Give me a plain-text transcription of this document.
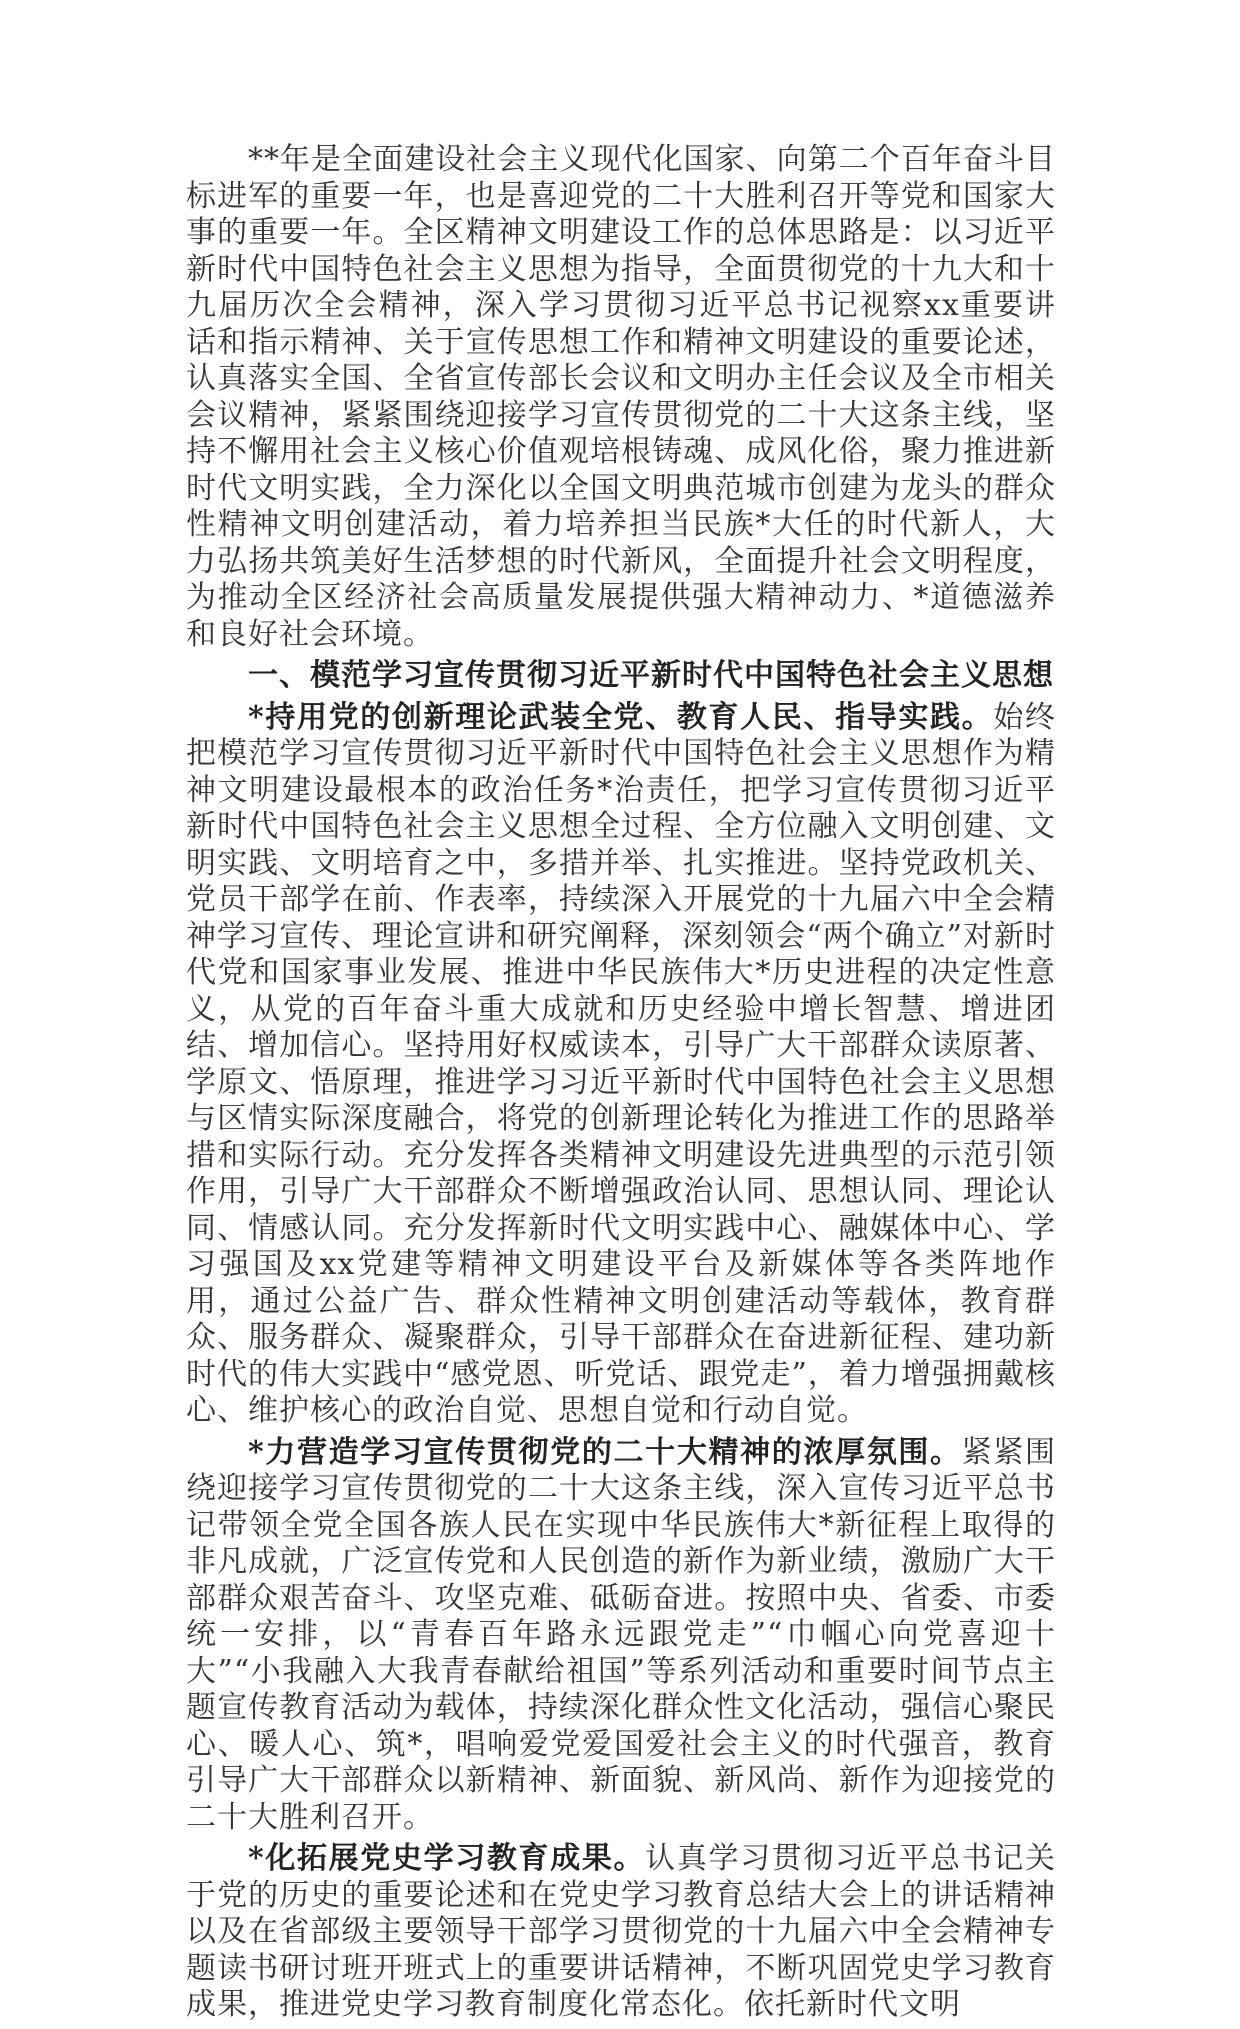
**年是全面建设社会主义现代化国家、向第二个百年奋斗目标进军的重要一年，也是喜迎党的二十大胜利召开等党和国家大事的重要一年。全区精神文明建设工作的总体思路是：以习近平新时代中国特色社会主义思想为指导，全面贯彻党的十九大和十九届历次全会精神，深入学习贯彻习近平总书记视察xx重要讲话和指示精神、关于宣传思想工作和精神文明建设的重要论述，认真落实全国、全省宣传部长会议和文明办主任会议及全市相关会议精神，紧紧围绕迎接学习宣传贯彻党的二十大这条主线，坚持不懈用社会主义核心价值观培根铸魂、成风化俗，聚力推进新时代文明实践，全力深化以全国文明典范城市创建为龙头的群众性精神文明创建活动，着力培养担当民族*大任的时代新人，大力弘扬共筑美好生活梦想的时代新风，全面提升社会文明程度，为推动全区经济社会高质量发展提供强大精神动力、*道德滋养和良好社会环境。

一、模范学习宣传贯彻习近平新时代中国特色社会主义思想

*持用党的创新理论武装全党、教育人民、指导实践。始终把模范学习宣传贯彻习近平新时代中国特色社会主义思想作为精神文明建设最根本的政治任务*治责任，把学习宣传贯彻习近平新时代中国特色社会主义思想全过程、全方位融入文明创建、文明实践、文明培育之中，多措并举、扎实推进。坚持党政机关、党员干部学在前、作表率，持续深入开展党的十九届六中全会精神学习宣传、理论宣讲和研究阐释，深刻领会“两个确立”对新时代党和国家事业发展、推进中华民族伟大*历史进程的决定性意义，从党的百年奋斗重大成就和历史经验中增长智慧、增进团结、增加信心。坚持用好权威读本，引导广大干部群众读原著、学原文、悟原理，推进学习习近平新时代中国特色社会主义思想与区情实际深度融合，将党的创新理论转化为推进工作的思路举措和实际行动。充分发挥各类精神文明建设先进典型的示范引领作用，引导广大干部群众不断增强政治认同、思想认同、理论认同、情感认同。充分发挥新时代文明实践中心、融媒体中心、学习强国及xx党建等精神文明建设平台及新媒体等各类阵地作用，通过公益广告、群众性精神文明创建活动等载体，教育群众、服务群众、凝聚群众，引导干部群众在奋进新征程、建功新时代的伟大实践中“感党恩、听党话、跟党走”，着力增强拥戴核心、维护核心的政治自觉、思想自觉和行动自觉。

*力营造学习宣传贯彻党的二十大精神的浓厚氛围。紧紧围绕迎接学习宣传贯彻党的二十大这条主线，深入宣传习近平总书记带领全党全国各族人民在实现中华民族伟大*新征程上取得的非凡成就，广泛宣传党和人民创造的新作为新业绩，激励广大干部群众艰苦奋斗、攻坚克难、砥砺奋进。按照中央、省委、市委统一安排，以“青春百年路永远跟党走”“巾帼心向党喜迎十大”“小我融入大我青春献给祖国”等系列活动和重要时间节点主题宣传教育活动为载体，持续深化群众性文化活动，强信心聚民心、暖人心、筑*，唱响爱党爱国爱社会主义的时代强音，教育引导广大干部群众以新精神、新面貌、新风尚、新作为迎接党的二十大胜利召开。

*化拓展党史学习教育成果。认真学习贯彻习近平总书记关于党的历史的重要论述和在党史学习教育总结大会上的讲话精神以及在省部级主要领导干部学习贯彻党的十九届六中全会精神专题读书研讨班开班式上的重要讲话精神，不断巩固党史学习教育成果，推进党史学习教育制度化常态化。依托新时代文明
